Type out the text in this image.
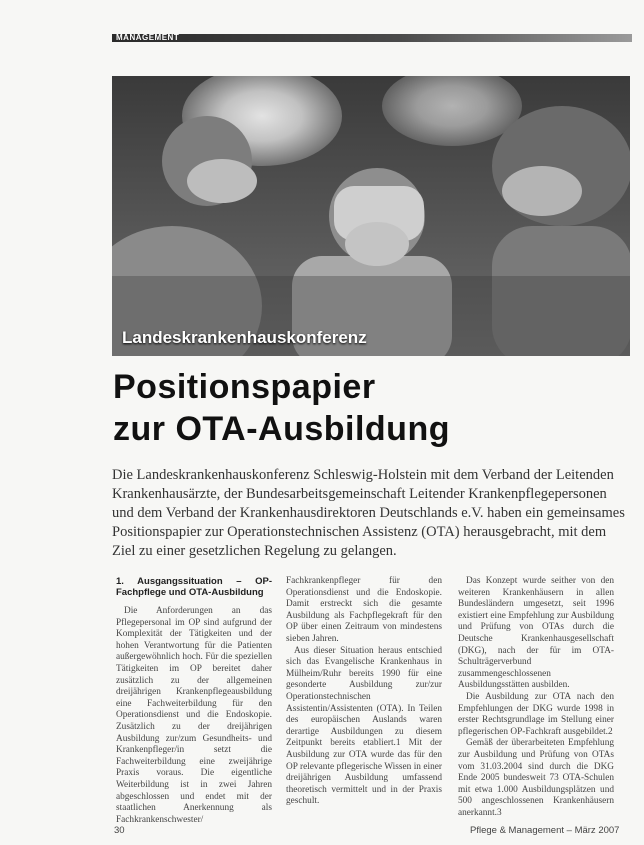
MANAGEMENT
Landeskrankenhauskonferenz
Positionspapier
zur OTA-Ausbildung
Die Landeskrankenhauskonferenz Schleswig-Holstein mit dem Verband der Leitenden Krankenhausärzte, der Bundesarbeitsgemeinschaft Leitender Krankenpflegepersonen und dem Verband der Krankenhausdirektoren Deutschlands e.V. haben ein gemeinsames Positionspapier zur Operationstechnischen Assistenz (OTA) herausgebracht, mit dem Ziel zu einer gesetzlichen Regelung zu gelangen.

1. Ausgangssituation – OP-Fachpflege und OTA-Ausbildung

Die Anforderungen an das Pflegepersonal im OP sind aufgrund der Komplexität der Tätigkeiten und der hohen Verantwortung für die Patienten außergewöhnlich hoch. Für die speziellen Tätigkeiten im OP bereitet daher zusätzlich zu der allgemeinen dreijährigen Krankenpflegeausbildung eine Fachweiterbildung für den Operationsdienst und die Endoskopie. Zusätzlich zu der dreijährigen Ausbildung zur/zum Gesundheits- und Krankenpfleger/in setzt die Fachweiterbildung eine zweijährige Praxis voraus. Die eigentliche Weiterbildung ist in zwei Jahren abgeschlossen und endet mit der staatlichen Anerkennung als Fachkrankenschwester/

Fachkrankenpfleger für den Operationsdienst und die Endoskopie. Damit erstreckt sich die gesamte Ausbildung als Fachpflegekraft für den OP über einen Zeitraum von mindestens sieben Jahren.

Aus dieser Situation heraus entschied sich das Evangelische Krankenhaus in Mülheim/Ruhr bereits 1990 für eine gesonderte Ausbildung zur/zur Operationstechnischen Assistentin/Assistenten (OTA). In Teilen des europäischen Auslands waren derartige Ausbildungen zu diesem Zeitpunkt bereits etabliert.1 Mit der Ausbildung zur OTA wurde das für den OP relevante pflegerische Wissen in einer dreijährigen Ausbildung umfassend theoretisch vermittelt und in der Praxis geschult.

Das Konzept wurde seither von den weiteren Krankenhäusern in allen Bundesländern umgesetzt, seit 1996 existiert eine Empfehlung zur Ausbildung und Prüfung von OTAs durch die Deutsche Krankenhausgesellschaft (DKG), nach der für im OTA-Schulträgerverbund zusammengeschlossenen Ausbildungsstätten ausbilden.

Die Ausbildung zur OTA nach den Empfehlungen der DKG wurde 1998 in erster Rechtsgrundlage im Stellung einer pflegerischen OP-Fachkraft ausgebildet.2

Gemäß der überarbeiteten Empfehlung zur Ausbildung und Prüfung von OTAs vom 31.03.2004 sind durch die DKG Ende 2005 bundesweit 73 OTA-Schulen mit etwa 1.000 Ausbildungsplätzen und 500 angeschlossenen Krankenhäusern anerkannt.3

30	Pflege & Management – März 2007
